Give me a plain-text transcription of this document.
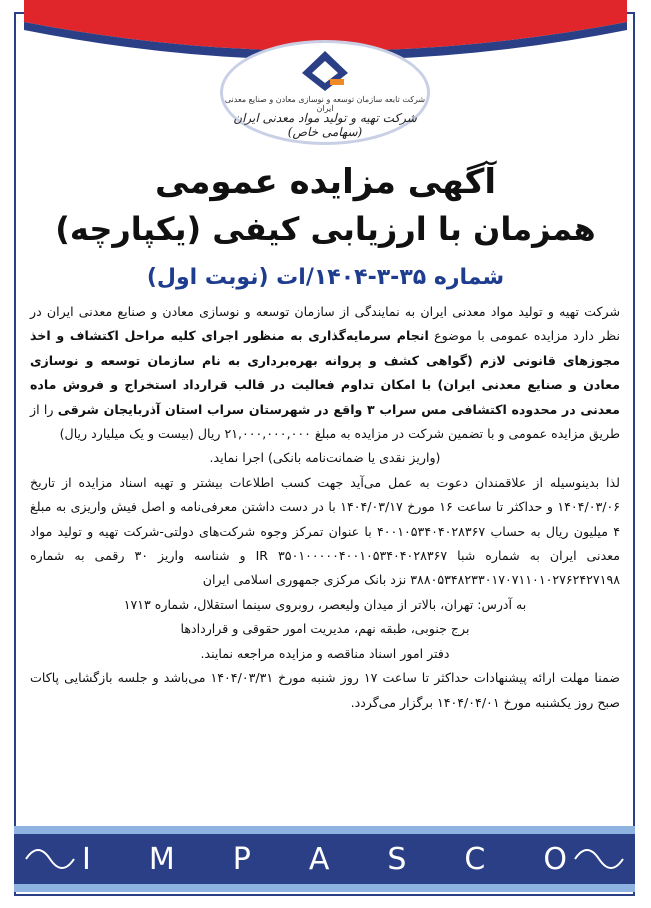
شرکت تابعه سازمان توسعه و نوسازی معادن و صنایع معدنی ایران
شرکت تهیه و تولید مواد معدنی ایران (سهامی خاص)
آگهی مزایده عمومی
همزمان با ارزیابی کیفی (یکپارچه)
شماره ۳۵-۳-۱۴۰۴/ات (نوبت اول)

شرکت تهیه و تولید مواد معدنی ایران به نمایندگی از سازمان توسعه و نوسازی معادن و صنایع معدنی ایران در نظر دارد مزایده عمومی با موضوع انجام سرمایه‌گذاری به منظور اجرای کلیه مراحل اکتشاف و اخذ مجوزهای قانونی لازم (گواهی کشف و پروانه بهره‌برداری به نام سازمان توسعه و نوسازی معادن و صنایع معدنی ایران) با امکان تداوم فعالیت در قالب قرارداد استخراج و فروش ماده معدنی در محدوده اکتشافی مس سراب ۳ واقع در شهرستان سراب استان آذربایجان شرقی را از طریق مزایده عمومی و با تضمین شرکت در مزایده به مبلغ ۲۱,۰۰۰,۰۰۰,۰۰۰ ریال (بیست و یک میلیارد ریال)

(واریز نقدی یا ضمانت‌نامه بانکی) اجرا نماید.

لذا بدینوسیله از علاقمندان دعوت به عمل می‌آید جهت کسب اطلاعات بیشتر و تهیه اسناد مزایده از تاریخ ۱۴۰۴/۰۳/۰۶ و حداکثر تا ساعت ۱۶ مورخ ۱۴۰۴/۰۳/۱۷ با در دست داشتن معرفی‌نامه و اصل فیش واریزی به مبلغ ۴ میلیون ریال به حساب ۴۰۰۱۰۵۳۴۰۴۰۲۸۳۶۷ با عنوان تمرکز وجوه شرکت‌های دولتی-شرکت تهیه و تولید مواد معدنی ایران به شماره شبا IR ۳۵۰۱۰۰۰۰۰۴۰۰۱۰۵۳۴۰۴۰۲۸۳۶۷ و شناسه واریز ۳۰ رقمی به شماره ۳۸۸۰۵۳۴۸۲۳۳۰۱۷۰۷۱۱۰۱۰۲۷۶۲۴۲۷۱۹۸ نزد بانک مرکزی جمهوری اسلامی ایران

به آدرس: تهران، بالاتر از میدان ولیعصر، روبروی سینما استقلال، شماره ۱۷۱۳

برج جنوبی، طبقه نهم، مدیریت امور حقوقی و قراردادها

دفتر امور اسناد مناقصه و مزایده مراجعه نمایند.

ضمنا مهلت ارائه پیشنهادات حداکثر تا ساعت ۱۷ روز شنبه مورخ ۱۴۰۴/۰۳/۳۱ می‌باشد و جلسه بازگشایی پاکات صبح روز یکشنبه مورخ ۱۴۰۴/۰۴/۰۱ برگزار می‌گردد.

I M P A S C O
